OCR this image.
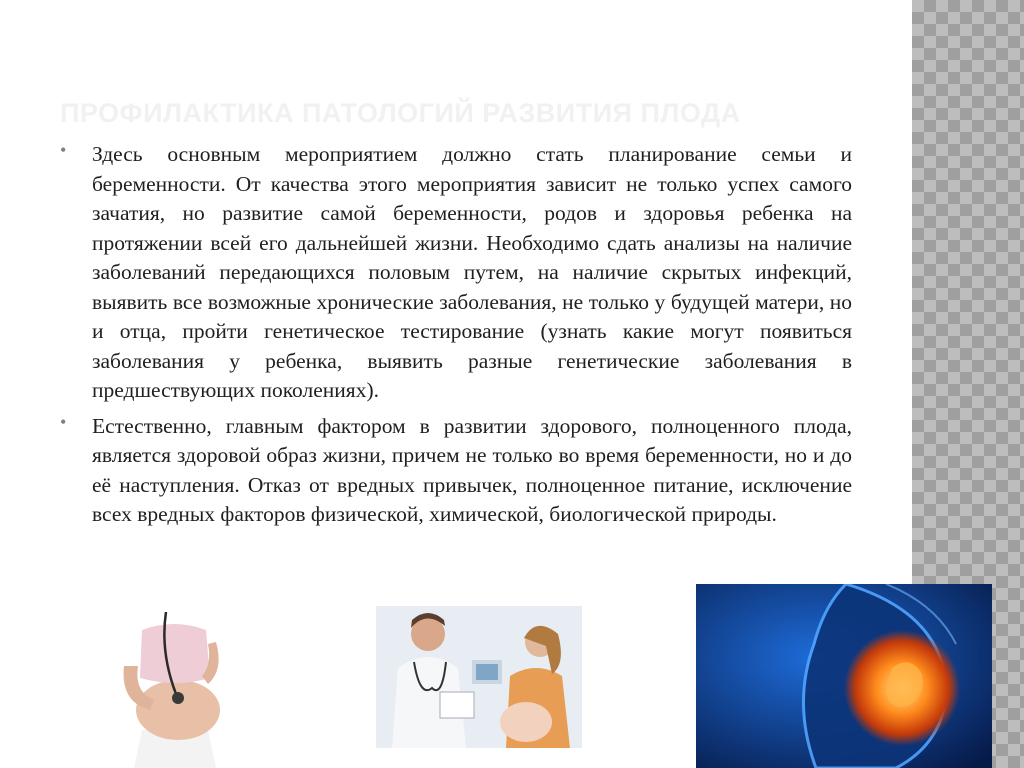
ПРОФИЛАКТИКА ПАТОЛОГИЙ РАЗВИТИЯ ПЛОДА
• Здесь основным мероприятием должно стать планирование семьи и беременности. От качества этого мероприятия зависит не только успех самого зачатия, но развитие самой беременности, родов и здоровья ребенка на протяжении всей его дальнейшей жизни. Необходимо сдать анализы на наличие заболеваний передающихся половым путем, на наличие скрытых инфекций, выявить все возможные хронические заболевания, не только у будущей матери, но и отца, пройти генетическое тестирование (узнать какие могут появиться заболевания у ребенка, выявить разные генетические заболевания в предшествующих поколениях).
• Естественно, главным фактором в развитии здорового, полноценного плода, является здоровой образ жизни, причем не только во время беременности, но и до её наступления. Отказ от вредных привычек, полноценное питание, исключение всех вредных факторов физической, химической, биологической природы.
